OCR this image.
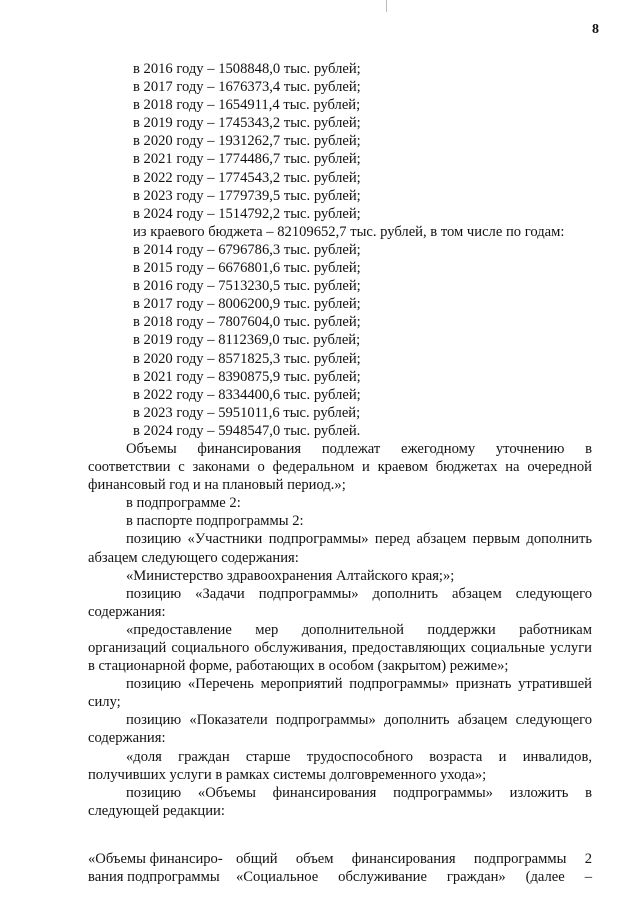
8
в 2016 году – 1508848,0 тыс. рублей;
в 2017 году – 1676373,4 тыс. рублей;
в 2018 году – 1654911,4 тыс. рублей;
в 2019 году – 1745343,2 тыс. рублей;
в 2020 году – 1931262,7 тыс. рублей;
в 2021 году – 1774486,7 тыс. рублей;
в 2022 году – 1774543,2 тыс. рублей;
в 2023 году – 1779739,5 тыс. рублей;
в 2024 году – 1514792,2 тыс. рублей;
из краевого бюджета – 82109652,7 тыс. рублей, в том числе по годам:
в 2014 году – 6796786,3 тыс. рублей;
в 2015 году – 6676801,6 тыс. рублей;
в 2016 году – 7513230,5 тыс. рублей;
в 2017 году – 8006200,9 тыс. рублей;
в 2018 году – 7807604,0 тыс. рублей;
в 2019 году – 8112369,0 тыс. рублей;
в 2020 году – 8571825,3 тыс. рублей;
в 2021 году – 8390875,9 тыс. рублей;
в 2022 году – 8334400,6 тыс. рублей;
в 2023 году – 5951011,6 тыс. рублей;
в 2024 году – 5948547,0 тыс. рублей.
Объемы финансирования подлежат ежегодному уточнению в соответствии с законами о федеральном и краевом бюджетах на очередной финансовый год и на плановый период.»;
в подпрограмме 2:
в паспорте подпрограммы 2:
позицию «Участники подпрограммы» перед абзацем первым дополнить абзацем следующего содержания:
«Министерство здравоохранения Алтайского края;»;
позицию «Задачи подпрограммы» дополнить абзацем следующего содержания:
«предоставление мер дополнительной поддержки работникам организаций социального обслуживания, предоставляющих социальные услуги в стационарной форме, работающих в особом (закрытом) режиме»;
позицию «Перечень мероприятий подпрограммы» признать утратившей силу;
позицию «Показатели подпрограммы» дополнить абзацем следующего содержания:
«доля граждан старше трудоспособного возраста и инвалидов, получивших услуги в рамках системы долговременного ухода»;
позицию «Объемы финансирования подпрограммы» изложить в следующей редакции:
«Объемы финансиро-
вания подпрограммы
общий объем финансирования подпрограммы 2
«Социальное обслуживание граждан» (далее –
